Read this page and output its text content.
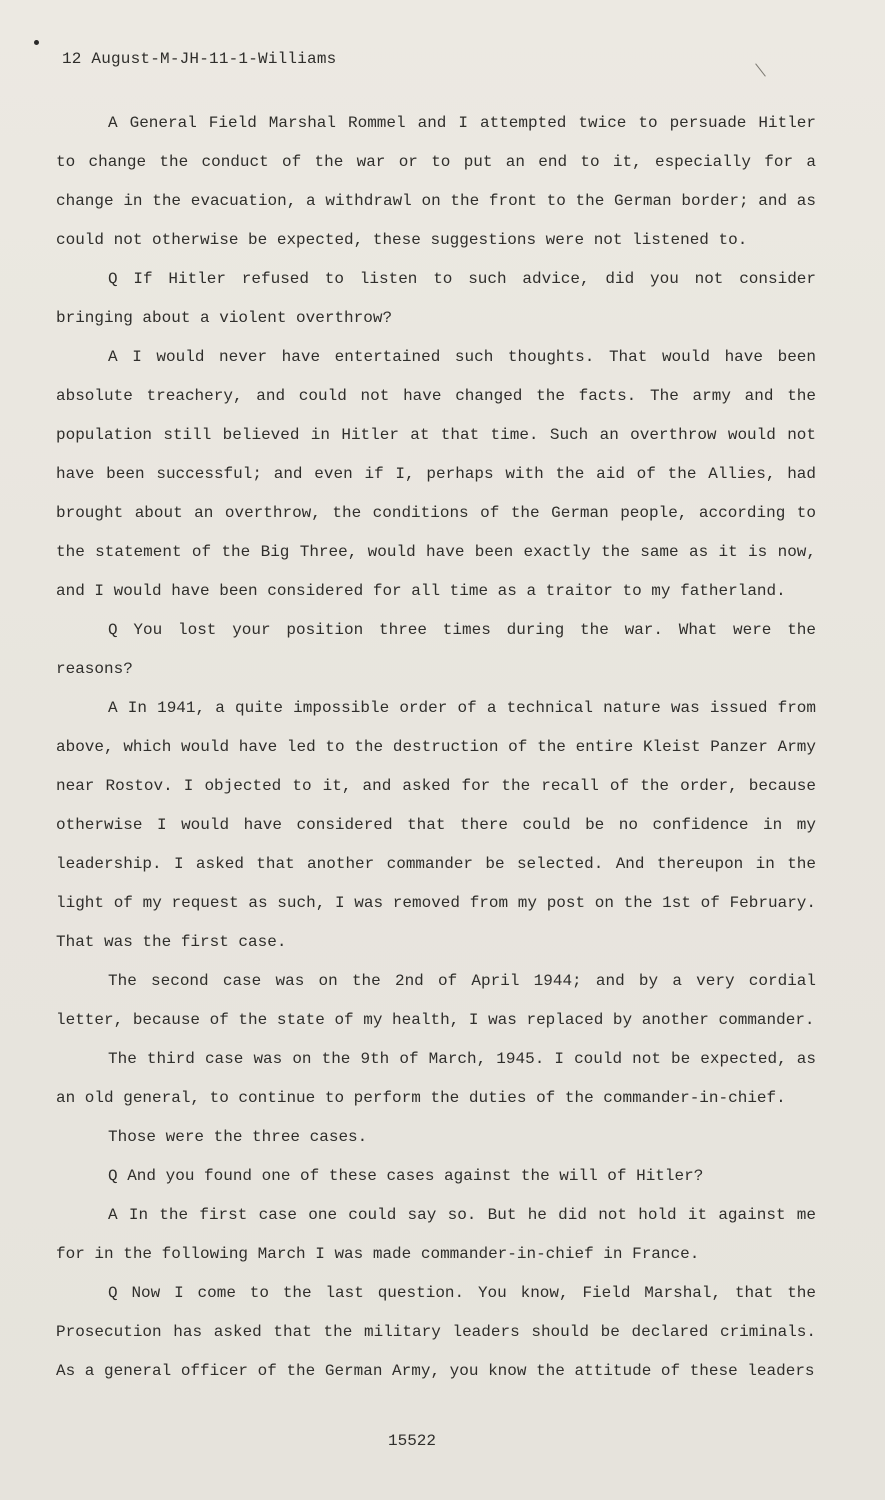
12 August-M-JH-11-1-Williams

A General Field Marshal Rommel and I attempted twice to persuade Hitler to change the conduct of the war or to put an end to it, especially for a change in the evacuation, a withdrawl on the front to the German border; and as could not otherwise be expected, these suggestions were not listened to.

Q If Hitler refused to listen to such advice, did you not consider bringing about a violent overthrow?

A I would never have entertained such thoughts. That would have been absolute treachery, and could not have changed the facts. The army and the population still believed in Hitler at that time. Such an overthrow would not have been successful; and even if I, perhaps with the aid of the Allies, had brought about an overthrow, the conditions of the German people, according to the statement of the Big Three, would have been exactly the same as it is now, and I would have been considered for all time as a traitor to my fatherland.

Q You lost your position three times during the war. What were the reasons?

A In 1941, a quite impossible order of a technical nature was issued from above, which would have led to the destruction of the entire Kleist Panzer Army near Rostov. I objected to it, and asked for the recall of the order, because otherwise I would have considered that there could be no confidence in my leadership. I asked that another commander be selected. And thereupon in the light of my request as such, I was removed from my post on the 1st of February. That was the first case.

The second case was on the 2nd of April 1944; and by a very cordial letter, because of the state of my health, I was replaced by another commander.

The third case was on the 9th of March, 1945. I could not be expected, as an old general, to continue to perform the duties of the commander-in-chief.

Those were the three cases.

Q And you found one of these cases against the will of Hitler?

A In the first case one could say so. But he did not hold it against me for in the following March I was made commander-in-chief in France.

Q Now I come to the last question. You know, Field Marshal, that the Prosecution has asked that the military leaders should be declared criminals. As a general officer of the German Army, you know the attitude of these leaders

15522
